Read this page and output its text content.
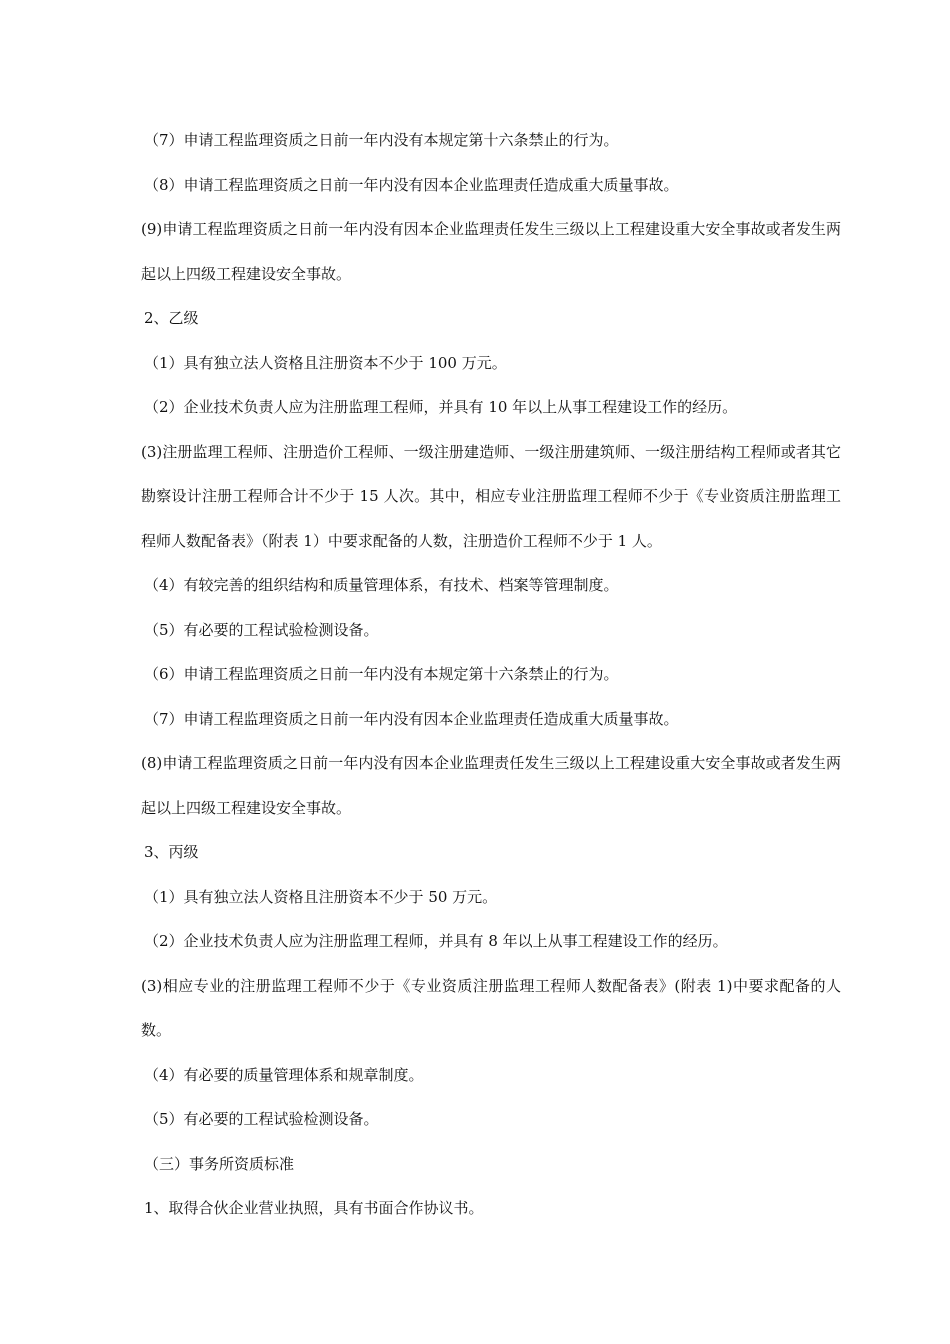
（7）申请工程监理资质之日前一年内没有本规定第十六条禁止的行为。

（8）申请工程监理资质之日前一年内没有因本企业监理责任造成重大质量事故。

(9)申请工程监理资质之日前一年内没有因本企业监理责任发生三级以上工程建设重大安全事故或者发生两起以上四级工程建设安全事故。

2、乙级

（1）具有独立法人资格且注册资本不少于 100 万元。

（2）企业技术负责人应为注册监理工程师，并具有 10 年以上从事工程建设工作的经历。

(3)注册监理工程师、注册造价工程师、一级注册建造师、一级注册建筑师、一级注册结构工程师或者其它勘察设计注册工程师合计不少于 15 人次。其中，相应专业注册监理工程师不少于《专业资质注册监理工程师人数配备表》（附表 1）中要求配备的人数，注册造价工程师不少于 1 人。

（4）有较完善的组织结构和质量管理体系，有技术、档案等管理制度。

（5）有必要的工程试验检测设备。

（6）申请工程监理资质之日前一年内没有本规定第十六条禁止的行为。

（7）申请工程监理资质之日前一年内没有因本企业监理责任造成重大质量事故。

(8)申请工程监理资质之日前一年内没有因本企业监理责任发生三级以上工程建设重大安全事故或者发生两起以上四级工程建设安全事故。

3、丙级

（1）具有独立法人资格且注册资本不少于 50 万元。

（2）企业技术负责人应为注册监理工程师，并具有 8 年以上从事工程建设工作的经历。

(3)相应专业的注册监理工程师不少于《专业资质注册监理工程师人数配备表》(附表 1)中要求配备的人数。

（4）有必要的质量管理体系和规章制度。

（5）有必要的工程试验检测设备。

（三）事务所资质标准

1、取得合伙企业营业执照，具有书面合作协议书。
